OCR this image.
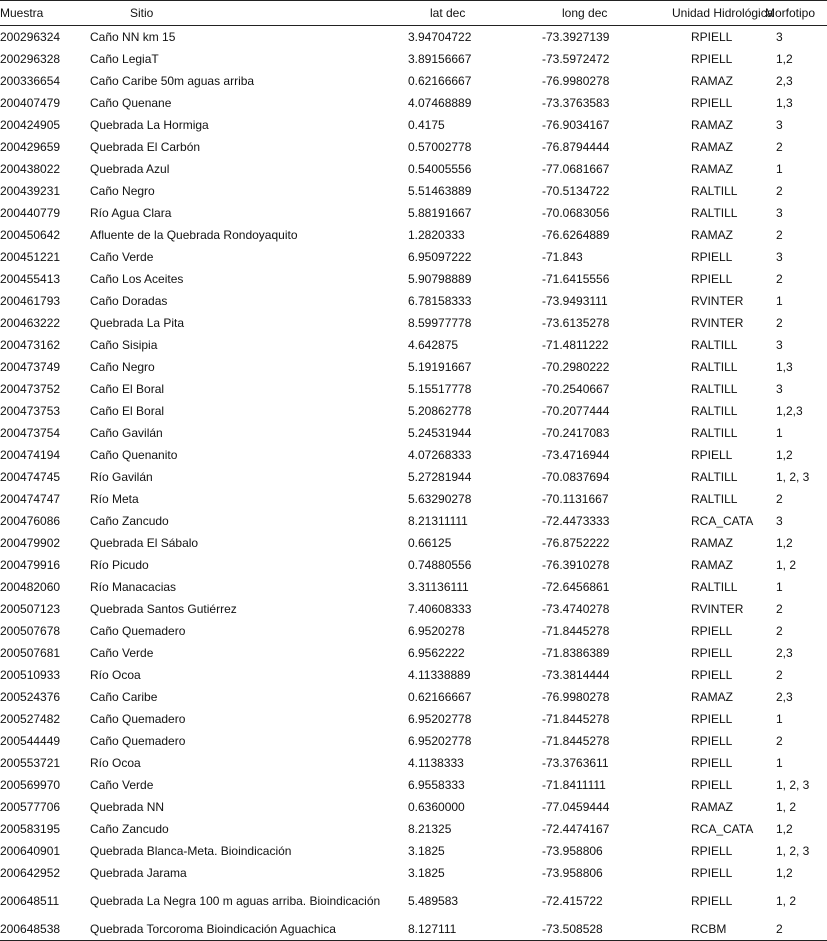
Muestra	Sitio	lat dec	long dec	Unidad Hidrológica	Morfotipo
200296324	Caño NN km 15	3.94704722	-73.3927139	RPIELL	3
200296328	Caño LegiaT	3.89156667	-73.5972472	RPIELL	1,2
200336654	Caño Caribe 50m aguas arriba	0.62166667	-76.9980278	RAMAZ	2,3
200407479	Caño Quenane	4.07468889	-73.3763583	RPIELL	1,3
200424905	Quebrada La Hormiga	0.4175	-76.9034167	RAMAZ	3
200429659	Quebrada El Carbón	0.57002778	-76.8794444	RAMAZ	2
200438022	Quebrada Azul	0.54005556	-77.0681667	RAMAZ	1
200439231	Caño Negro	5.51463889	-70.5134722	RALTILL	2
200440779	Río Agua Clara	5.88191667	-70.0683056	RALTILL	3
200450642	Afluente de la Quebrada Rondoyaquito	1.2820333	-76.6264889	RAMAZ	2
200451221	Caño Verde	6.95097222	-71.843	RPIELL	3
200455413	Caño Los Aceites	5.90798889	-71.6415556	RPIELL	2
200461793	Caño Doradas	6.78158333	-73.9493111	RVINTER	1
200463222	Quebrada La Pita	8.59977778	-73.6135278	RVINTER	2
200473162	Caño Sisipia	4.642875	-71.4811222	RALTILL	3
200473749	Caño Negro	5.19191667	-70.2980222	RALTILL	1,3
200473752	Caño El Boral	5.15517778	-70.2540667	RALTILL	3
200473753	Caño El Boral	5.20862778	-70.2077444	RALTILL	1,2,3
200473754	Caño Gavilán	5.24531944	-70.2417083	RALTILL	1
200474194	Caño Quenanito	4.07268333	-73.4716944	RPIELL	1,2
200474745	Río Gavilán	5.27281944	-70.0837694	RALTILL	1, 2, 3
200474747	Río Meta	5.63290278	-70.1131667	RALTILL	2
200476086	Caño Zancudo	8.21311111	-72.4473333	RCA_CATA	3
200479902	Quebrada El Sábalo	0.66125	-76.8752222	RAMAZ	1,2
200479916	Río Picudo	0.74880556	-76.3910278	RAMAZ	1, 2
200482060	Río Manacacias	3.31136111	-72.6456861	RALTILL	1
200507123	Quebrada Santos Gutiérrez	7.40608333	-73.4740278	RVINTER	2
200507678	Caño Quemadero	6.9520278	-71.8445278	RPIELL	2
200507681	Caño Verde	6.9562222	-71.8386389	RPIELL	2,3
200510933	Río Ocoa	4.11338889	-73.3814444	RPIELL	2
200524376	Caño Caribe	0.62166667	-76.9980278	RAMAZ	2,3
200527482	Caño Quemadero	6.95202778	-71.8445278	RPIELL	1
200544449	Caño Quemadero	6.95202778	-71.8445278	RPIELL	2
200553721	Río Ocoa	4.1138333	-73.3763611	RPIELL	1
200569970	Caño Verde	6.9558333	-71.8411111	RPIELL	1, 2, 3
200577706	Quebrada NN	0.6360000	-77.0459444	RAMAZ	1, 2
200583195	Caño Zancudo	8.21325	-72.4474167	RCA_CATA	1,2
200640901	Quebrada Blanca-Meta. Bioindicación	3.1825	-73.958806	RPIELL	1, 2, 3
200642952	Quebrada Jarama	3.1825	-73.958806	RPIELL	1,2
200648511	Quebrada La Negra 100 m aguas arriba. Bioindicación	5.489583	-72.415722	RPIELL	1, 2
200648538	Quebrada Torcoroma Bioindicación Aguachica	8.127111	-73.508528	RCBM	2
